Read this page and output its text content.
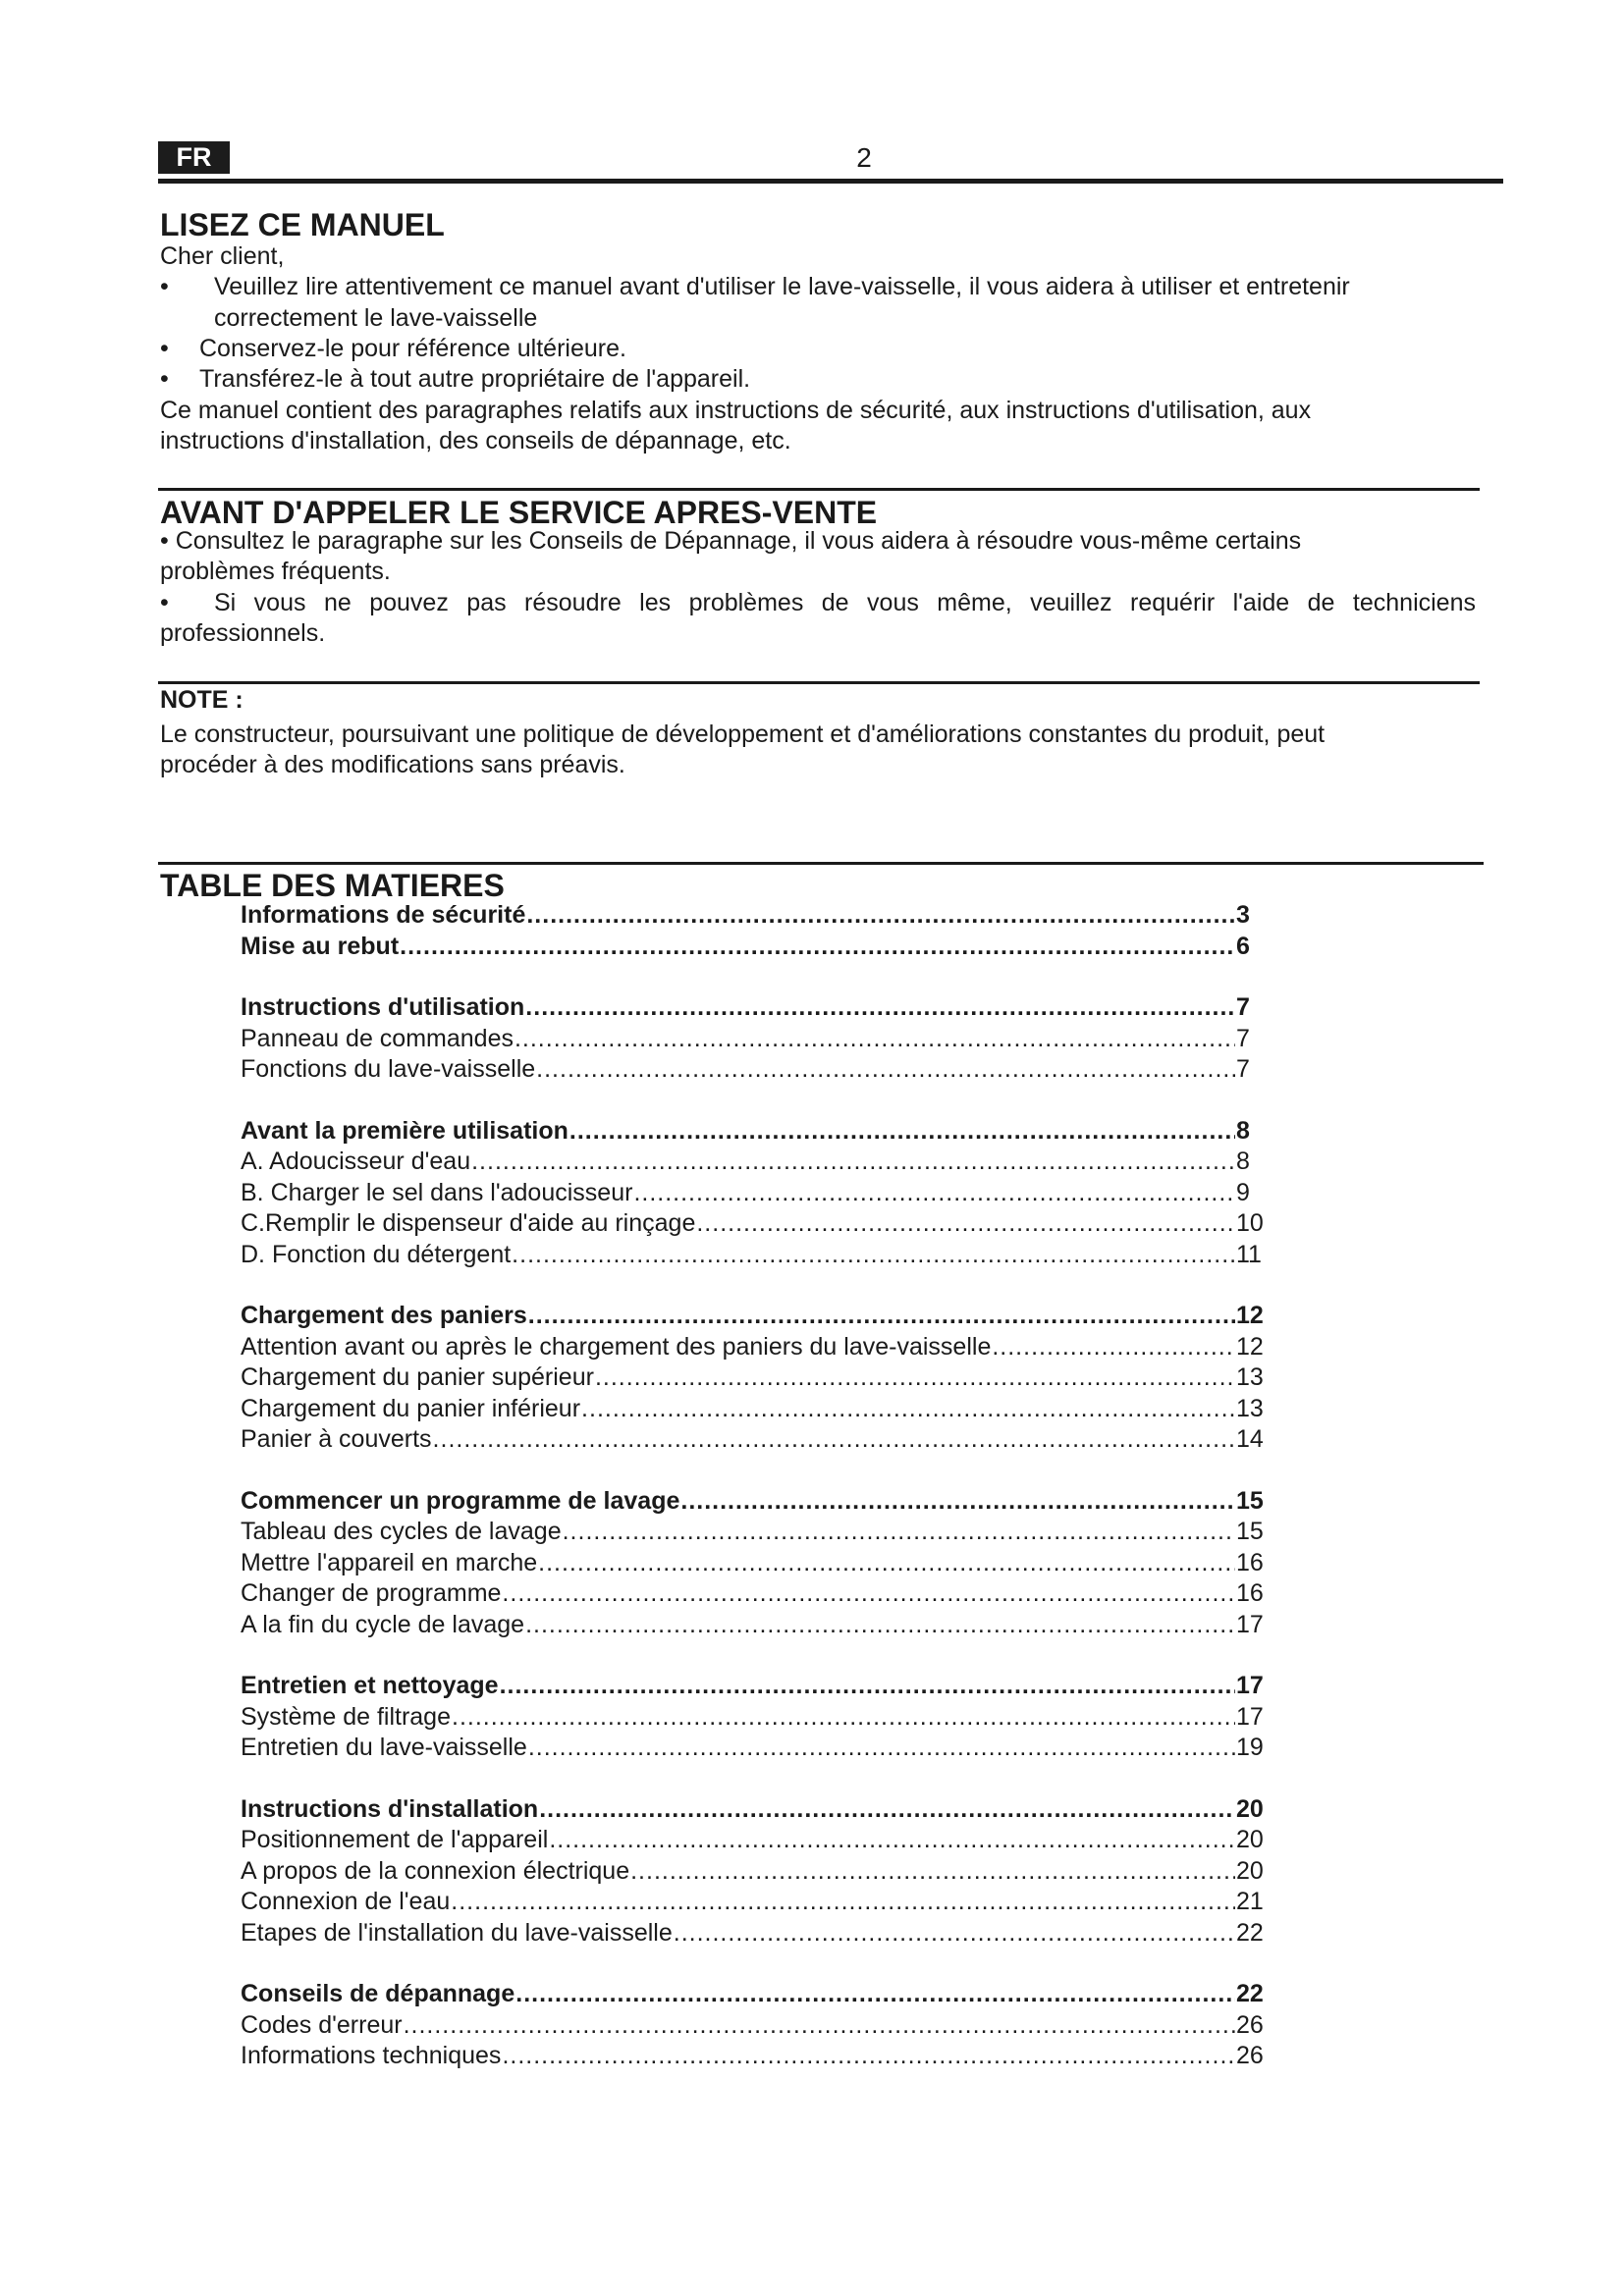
FR	2
LISEZ CE MANUEL
Cher client,
• Veuillez lire attentivement ce manuel avant d'utiliser le lave-vaisselle, il vous aidera à utiliser et entretenir
correctement le lave-vaisselle
• Conservez-le pour référence ultérieure.
• Transférez-le à tout autre propriétaire de l'appareil.
Ce manuel contient des paragraphes relatifs aux instructions de sécurité, aux instructions d'utilisation, aux
instructions d'installation, des conseils de dépannage, etc.
AVANT D'APPELER LE SERVICE APRES-VENTE
• Consultez le paragraphe sur les Conseils de Dépannage, il vous aidera à résoudre vous-même certains
problèmes fréquents.
• Si vous ne pouvez pas résoudre les problèmes de vous même, veuillez requérir l'aide de techniciens
professionnels.
NOTE :
Le constructeur, poursuivant une politique de développement et d'améliorations constantes du produit, peut
procéder à des modifications sans préavis.
TABLE DES MATIERES
Informations de sécurité .....	3
Mise au rebut .....	6
Instructions d'utilisation .....	7
Panneau de commandes .....	7
Fonctions du lave-vaisselle .....	7
Avant la première utilisation .....	8
A. Adoucisseur d'eau .....	8
B. Charger le sel dans l'adoucisseur .....	9
C.Remplir le dispenseur d'aide au rinçage .....	10
D. Fonction du détergent .....	11
Chargement des paniers .....	12
Attention avant ou après le chargement des paniers du lave-vaisselle .....	12
Chargement du panier supérieur .....	13
Chargement du panier inférieur .....	13
Panier à couverts .....	14
Commencer un programme de lavage .....	15
Tableau des cycles de lavage .....	15
Mettre l'appareil en marche .....	16
Changer de programme .....	16
A la fin du cycle de lavage .....	17
Entretien et nettoyage .....	17
Système de filtrage .....	17
Entretien du lave-vaisselle .....	19
Instructions d'installation .....	20
Positionnement de l'appareil .....	20
A propos de la connexion électrique .....	20
Connexion de l'eau .....	21
Etapes de l'installation du lave-vaisselle .....	22
Conseils de dépannage .....	22
Codes d'erreur .....	26
Informations techniques .....	26
